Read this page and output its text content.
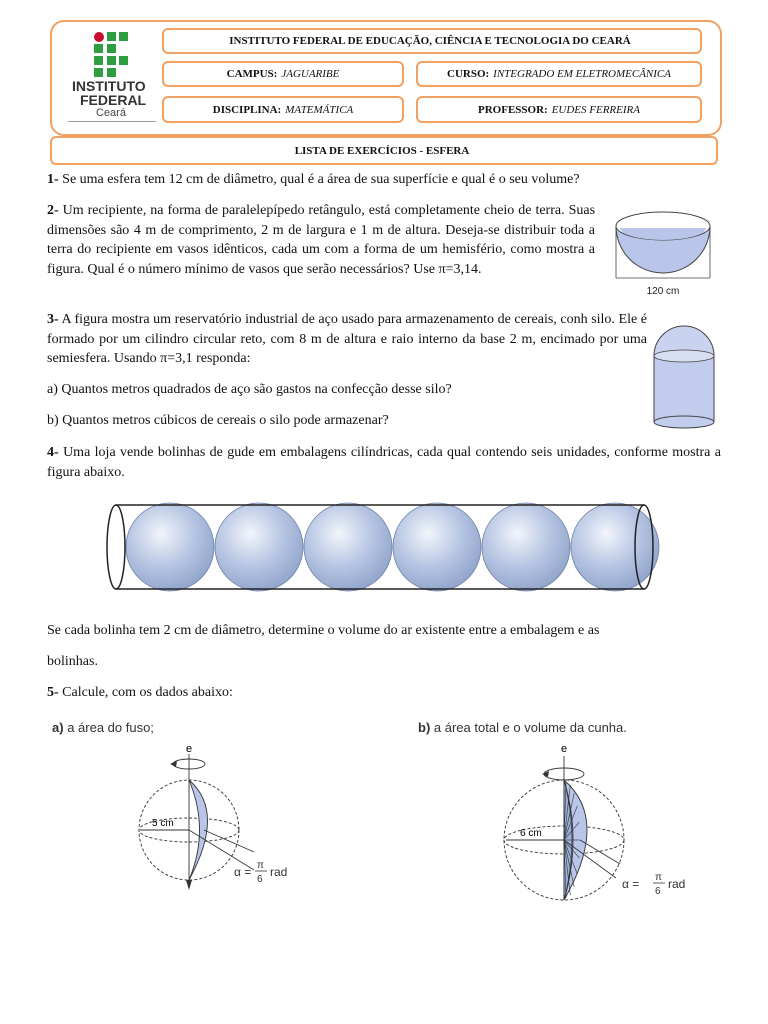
INSTITUTO
FEDERAL
Ceará
INSTITUTO FEDERAL DE EDUCAÇÃO, CIÊNCIA E TECNOLOGIA DO CEARÁ
CAMPUS: JAGUARIBE	CURSO: INTEGRADO EM ELETROMECÂNICA
DISCIPLINA: MATEMÁTICA	PROFESSOR: EUDES FERREIRA
LISTA DE EXERCÍCIOS - ESFERA
1- Se uma esfera tem 12 cm de diâmetro, qual é a área de sua superfície e qual é o seu volume?
2- Um recipiente, na forma de paralelepípedo retângulo, está completamente cheio de terra. Suas dimensões são 4 m de comprimento, 2 m de largura e 1 m de altura. Deseja-se distribuir toda a terra do recipiente em vasos idênticos, cada um com a forma de um hemisfério, como mostra a figura. Qual é o número mínimo de vasos que serão necessários? Use π=3,14.
120 cm
3- A figura mostra um reservatório industrial de aço usado para armazenamento de cereais, conh silo. Ele é formado por um cilindro circular reto, com 8 m de altura e raio interno da base 2 m, encimado por uma semiesfera. Usando π=3,1 responda:
a) Quantos metros quadrados de aço são gastos na confecção desse silo?
b) Quantos metros cúbicos de cereais o silo pode armazenar?
4- Uma loja vende bolinhas de gude em embalagens cilíndricas, cada qual contendo seis unidades, conforme mostra a figura abaixo.
Se cada bolinha tem 2 cm de diâmetro, determine o volume do ar existente entre a embalagem e as
bolinhas.
5- Calcule, com os dados abaixo:
a) a área do fuso;	b) a área total e o volume da cunha.
e
5 cm
α = π
6
rad
e
6 cm
α = π
6
rad
